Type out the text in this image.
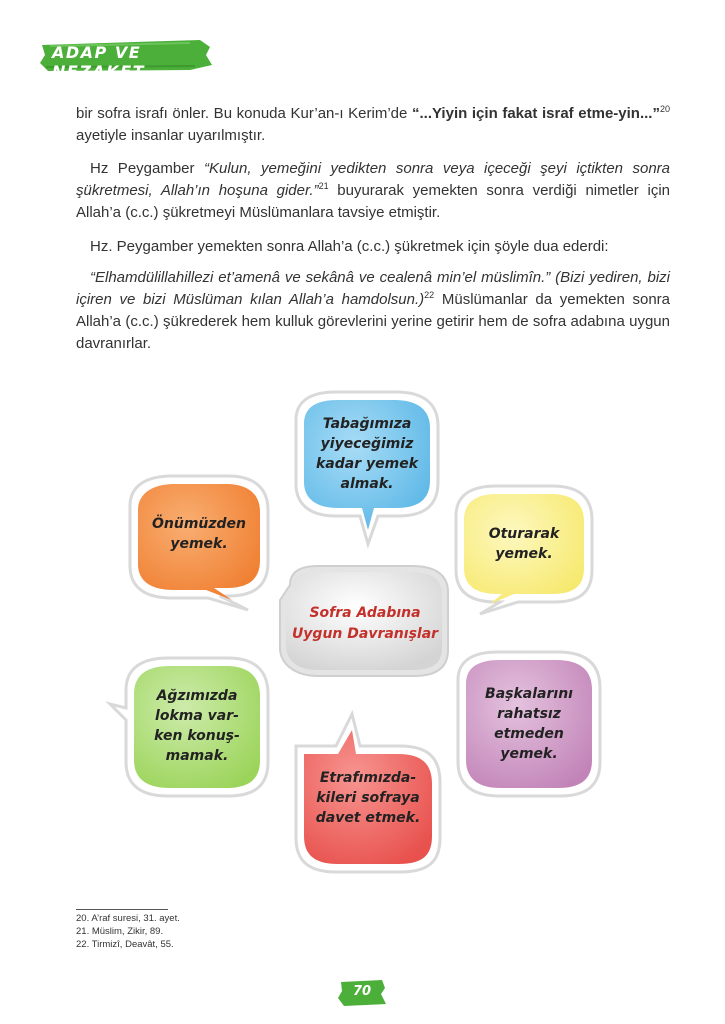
ADAP VE NEZAKET

bir sofra israfı önler. Bu konuda Kur’an-ı Kerim’de “...Yiyin için fakat israf etme-yin...”$^{20}$ ayetiyle insanlar uyarılmıştır.

Hz Peygamber “Kulun, yemeğini yedikten sonra veya içeceği şeyi içtikten sonra şükretmesi, Allah’ın hoşuna gider.”$^{21}$ buyurarak yemekten sonra verdiği nimetler için Allah’a (c.c.) şükretmeyi Müslümanlara tavsiye etmiştir.

Hz. Peygamber yemekten sonra Allah’a (c.c.) şükretmek için şöyle dua ederdi:

“Elhamdülillahillezi et’amenâ ve sekânâ ve cealenâ min’el müslimîn.” (Bizi yediren, bizi içiren ve bizi Müslüman kılan Allah’a hamdolsun.)$^{22}$ Müslümanlar da yemekten sonra Allah’a (c.c.) şükrederek hem kulluk görevlerini yerine getirir hem de sofra adabına uygun davranırlar.

Sofra Adabına
Uygun Davranışlar
Tabağımıza
yiyeceğimiz
kadar yemek
almak.
Önümüzden
yemek.
Oturarak
yemek.
Ağzımızda
lokma var-
ken konuş-
mamak.
Başkalarını
rahatsız
etmeden
yemek.
Etrafımızda-
kileri sofraya
davet etmek.

20. A’raf suresi, 31. ayet.

21. Müslim, Zikir, 89.

22. Tirmizî, Deavât, 55.

70
